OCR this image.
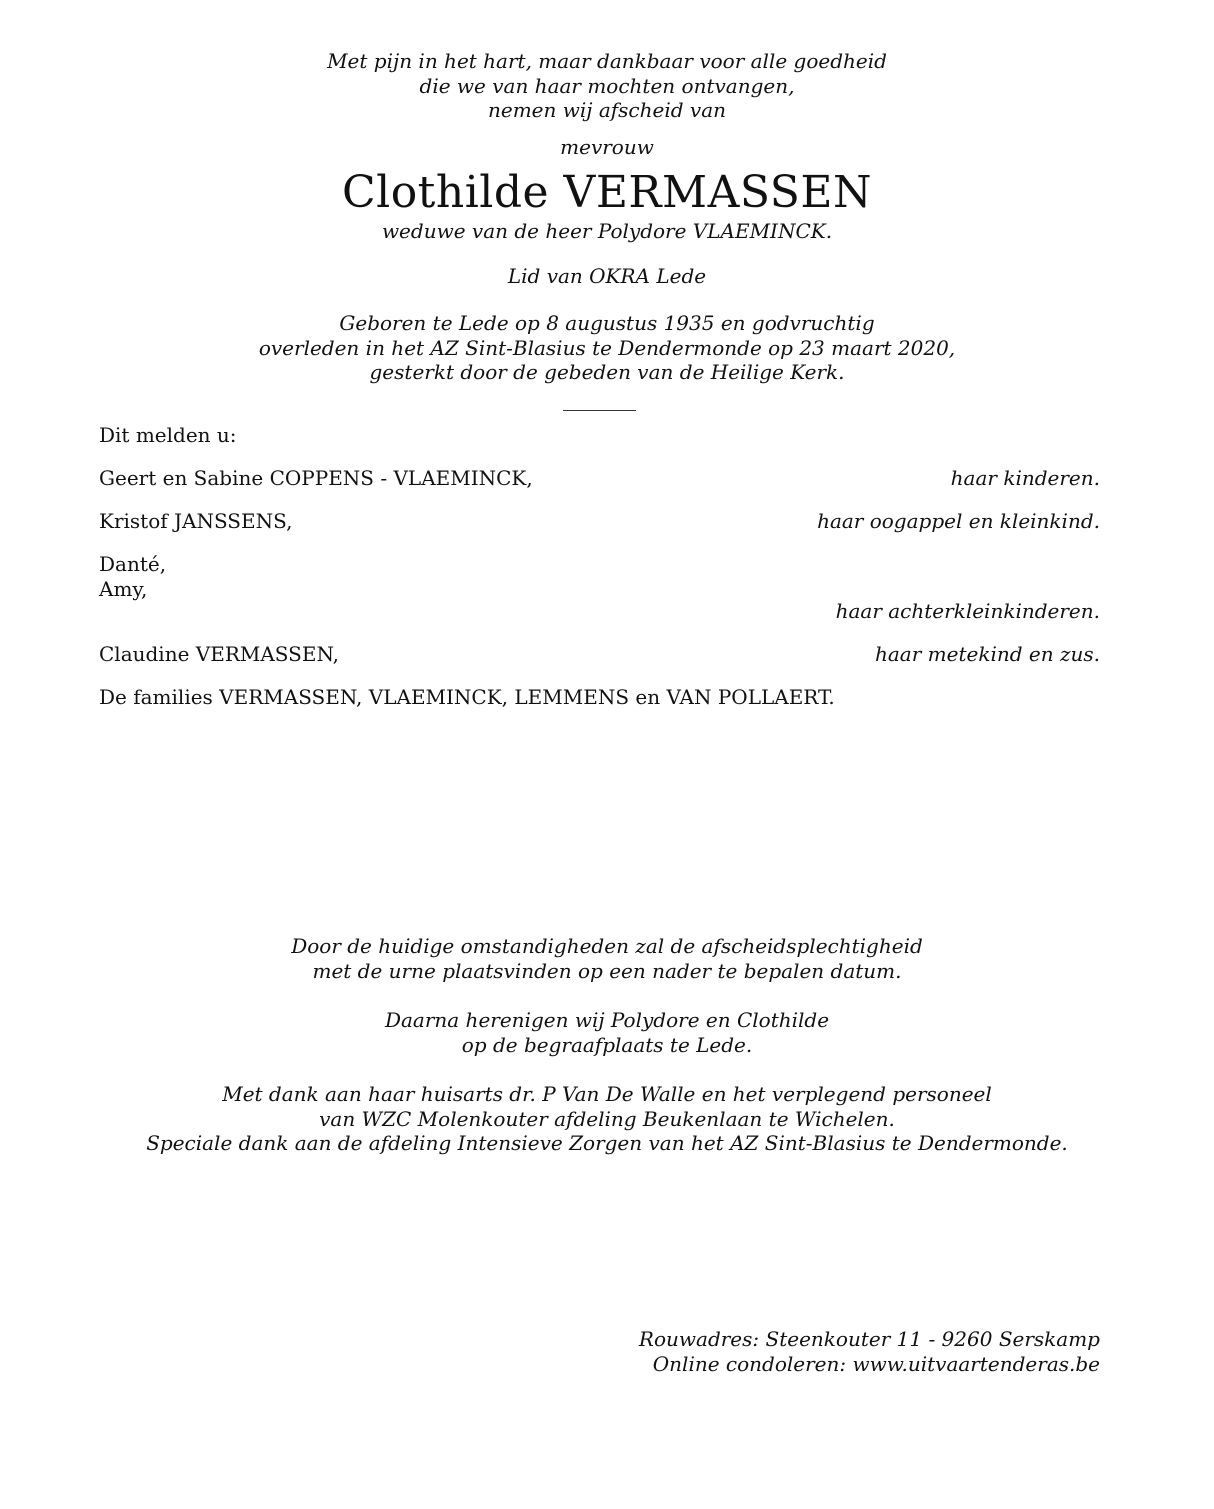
Met pijn in het hart, maar dankbaar voor alle goedheid
die we van haar mochten ontvangen,
nemen wij afscheid van
mevrouw
Clothilde VERMASSEN
weduwe van de heer Polydore VLAEMINCK.
Lid van OKRA Lede
Geboren te Lede op 8 augustus 1935 en godvruchtig
overleden in het AZ Sint-Blasius te Dendermonde op 23 maart 2020,
gesterkt door de gebeden van de Heilige Kerk.
Dit melden u:
Geert en Sabine COPPENS - VLAEMINCK,	haar kinderen.
Kristof JANSSENS,	haar oogappel en kleinkind.
Danté,
Amy,
haar achterkleinkinderen.
Claudine VERMASSEN,	haar metekind en zus.
De families VERMASSEN, VLAEMINCK, LEMMENS en VAN POLLAERT.
Door de huidige omstandigheden zal de afscheidsplechtigheid
met de urne plaatsvinden op een nader te bepalen datum.
Daarna herenigen wij Polydore en Clothilde
op de begraafplaats te Lede.
Met dank aan haar huisarts dr. P Van De Walle en het verplegend personeel
van WZC Molenkouter afdeling Beukenlaan te Wichelen.
Speciale dank aan de afdeling Intensieve Zorgen van het AZ Sint-Blasius te Dendermonde.
Rouwadres: Steenkouter 11 - 9260 Serskamp
Online condoleren: www.uitvaartenderas.be
